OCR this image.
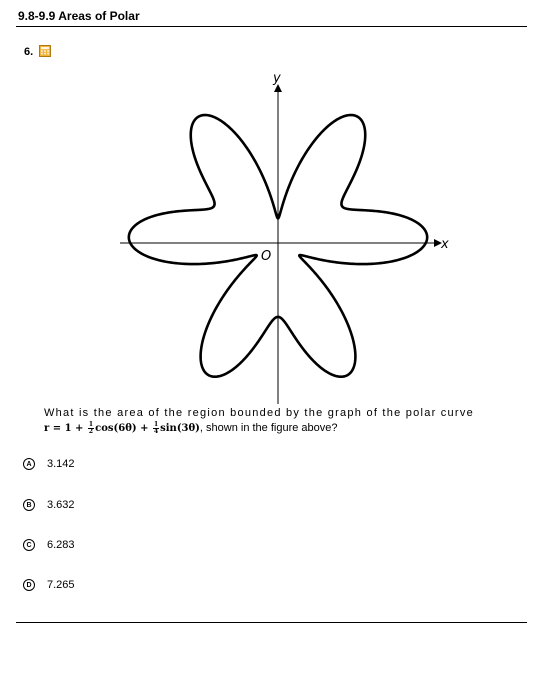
9.8-9.9 Areas of Polar
6.
y
x
O
What is the area of the region bounded by the graph of the polar curve
$r = 1 + \frac{1}{2} \cos(6\theta) + \frac{1}{4} \sin(3\theta)$, shown in the figure above?
A	3.142
B	3.632
C	6.283
D	7.265
